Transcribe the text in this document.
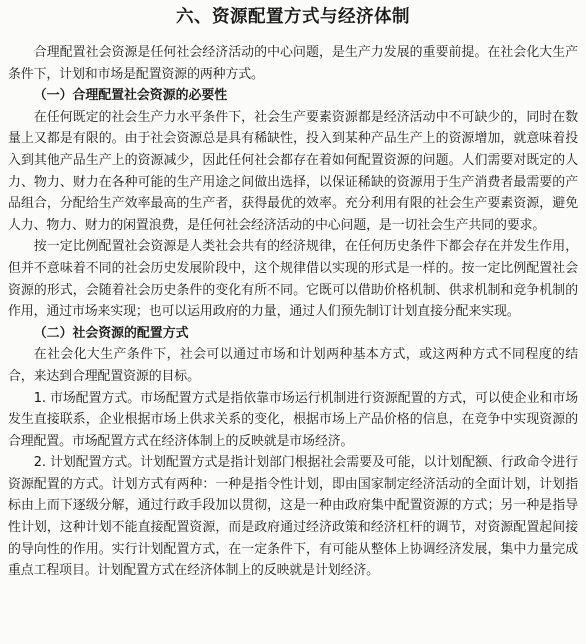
六、资源配置方式与经济体制

合理配置社会资源是任何社会经济活动的中心问题，是生产力发展的重要前提。在社会化大生产条件下，计划和市场是配置资源的两种方式。

（一）合理配置社会资源的必要性

在任何既定的社会生产力水平条件下，社会生产要素资源都是经济活动中不可缺少的，同时在数量上又都是有限的。由于社会资源总是具有稀缺性，投入到某种产品生产上的资源增加，就意味着投入到其他产品生产上的资源减少，因此任何社会都存在着如何配置资源的问题。人们需要对既定的人力、物力、财力在各种可能的生产用途之间做出选择，以保证稀缺的资源用于生产消费者最需要的产品组合，分配给生产效率最高的生产者，获得最优的效率。充分利用有限的社会生产要素资源，避免人力、物力、财力的闲置浪费，是任何社会经济活动的中心问题，是一切社会生产共同的要求。

按一定比例配置社会资源是人类社会共有的经济规律，在任何历史条件下都会存在并发生作用，但并不意味着不同的社会历史发展阶段中，这个规律借以实现的形式是一样的。按一定比例配置社会资源的形式，会随着社会历史条件的变化有所不同。它既可以借助价格机制、供求机制和竞争机制的作用，通过市场来实现；也可以运用政府的力量，通过人们预先制订计划直接分配来实现。

（二）社会资源的配置方式

在社会化大生产条件下，社会可以通过市场和计划两种基本方式，或这两种方式不同程度的结合，来达到合理配置资源的目标。

1. 市场配置方式。市场配置方式是指依靠市场运行机制进行资源配置的方式，可以使企业和市场发生直接联系，企业根据市场上供求关系的变化，根据市场上产品价格的信息，在竞争中实现资源的合理配置。市场配置方式在经济体制上的反映就是市场经济。

2. 计划配置方式。计划配置方式是指计划部门根据社会需要及可能，以计划配额、行政命令进行资源配置的方式。计划方式有两种：一种是指令性计划，即由国家制定经济活动的全面计划，计划指标由上而下逐级分解，通过行政手段加以贯彻，这是一种由政府集中配置资源的方式；另一种是指导性计划，这种计划不能直接配置资源，而是政府通过经济政策和经济杠杆的调节，对资源配置起间接的导向性的作用。实行计划配置方式，在一定条件下，有可能从整体上协调经济发展，集中力量完成重点工程项目。计划配置方式在经济体制上的反映就是计划经济。
